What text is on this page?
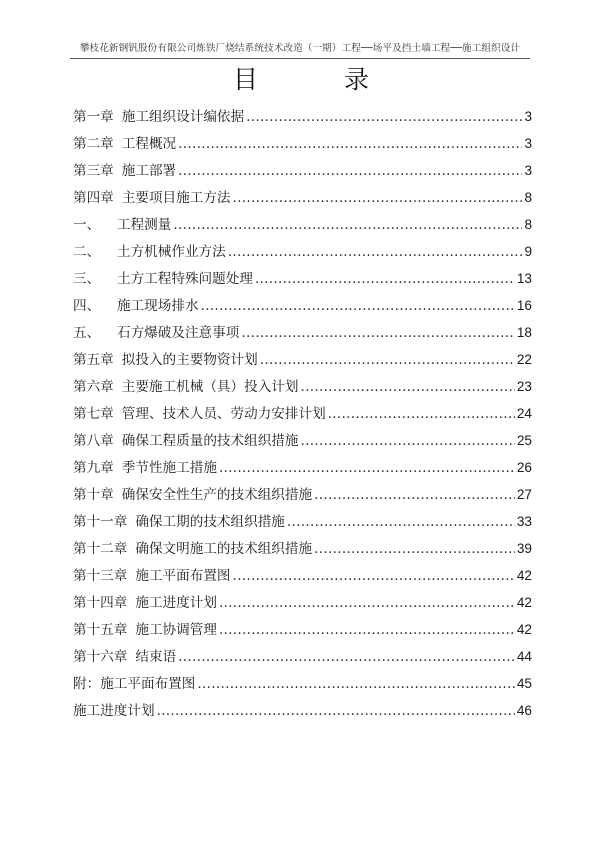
攀枝花新钢钒股份有限公司炼铁厂烧结系统技术改造（一期）工程──场平及挡土墙工程──施工组织设计
目	录
第一章 施工组织设计编依据 .....	3
第二章 工程概况 .....	3
第三章 施工部署 .....	3
第四章 主要项目施工方法 .....	8
一、	工程测量 .....	8
二、	土方机械作业方法 .....	9
三、	土方工程特殊问题处理 .....	13
四、	施工现场排水 .....	16
五、	石方爆破及注意事项 .....	18
第五章 拟投入的主要物资计划 .....	22
第六章 主要施工机械（具）投入计划 .....	23
第七章 管理、技术人员、劳动力安排计划 .....	24
第八章 确保工程质量的技术组织措施 .....	25
第九章 季节性施工措施 .....	26
第十章 确保安全性生产的技术组织措施 .....	27
第十一章 确保工期的技术组织措施 .....	33
第十二章 确保文明施工的技术组织措施 .....	39
第十三章 施工平面布置图 .....	42
第十四章 施工进度计划 .....	42
第十五章 施工协调管理 .....	42
第十六章 结束语 .....	44
附：施工平面布置图 .....	45
施工进度计划 .....	46
